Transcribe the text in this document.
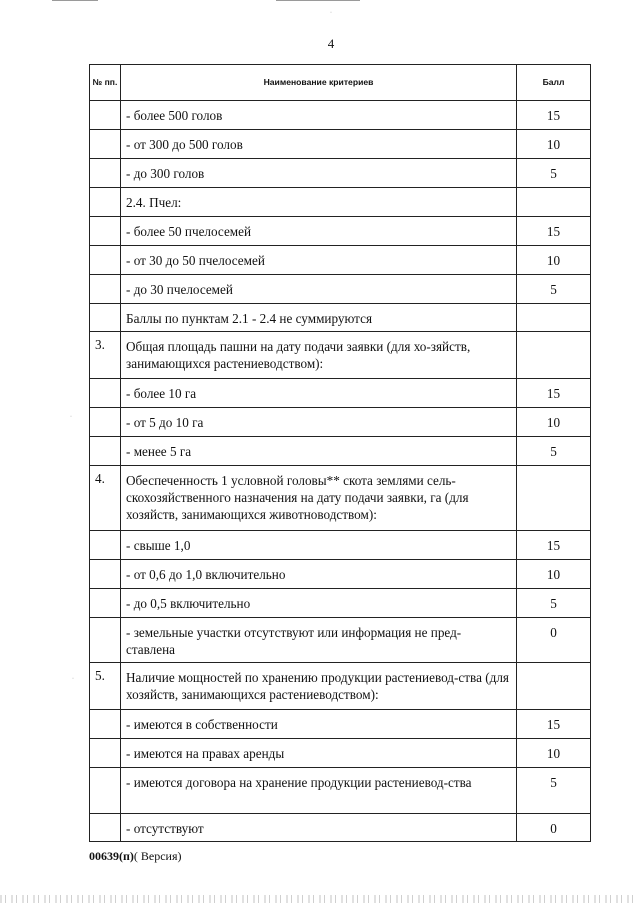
·
·
·
4
№ пп.	Наименование критериев	Балл
	- более 500 голов	15
	- от 300 до 500 голов	10
	- до 300 голов	5
	2.4. Пчел:	
	- более 50 пчелосемей	15
	- от 30 до 50 пчелосемей	10
	- до 30 пчелосемей	5
	Баллы по пунктам 2.1 - 2.4 не суммируются	
3.	Общая площадь пашни на дату подачи заявки (для хо-зяйств, занимающихся растениеводством):	
	- более 10 га	15
	- от 5 до 10 га	10
	- менее 5 га	5
4.	Обеспеченность 1 условной головы** скота землями сель-скохозяйственного назначения на дату подачи заявки, га (для хозяйств, занимающихся животноводством):	
	- свыше 1,0	15
	- от 0,6 до 1,0 включительно	10
	- до 0,5 включительно	5
	- земельные участки отсутствуют или информация не пред-ставлена	0
5.	Наличие мощностей по хранению продукции растениевод-ства (для хозяйств, занимающихся растениеводством):	
	- имеются в собственности	15
	- имеются на правах аренды	10
	- имеются договора на хранение продукции растениевод-ства	5
	- отсутствуют	0
00639(п)( Версия)
